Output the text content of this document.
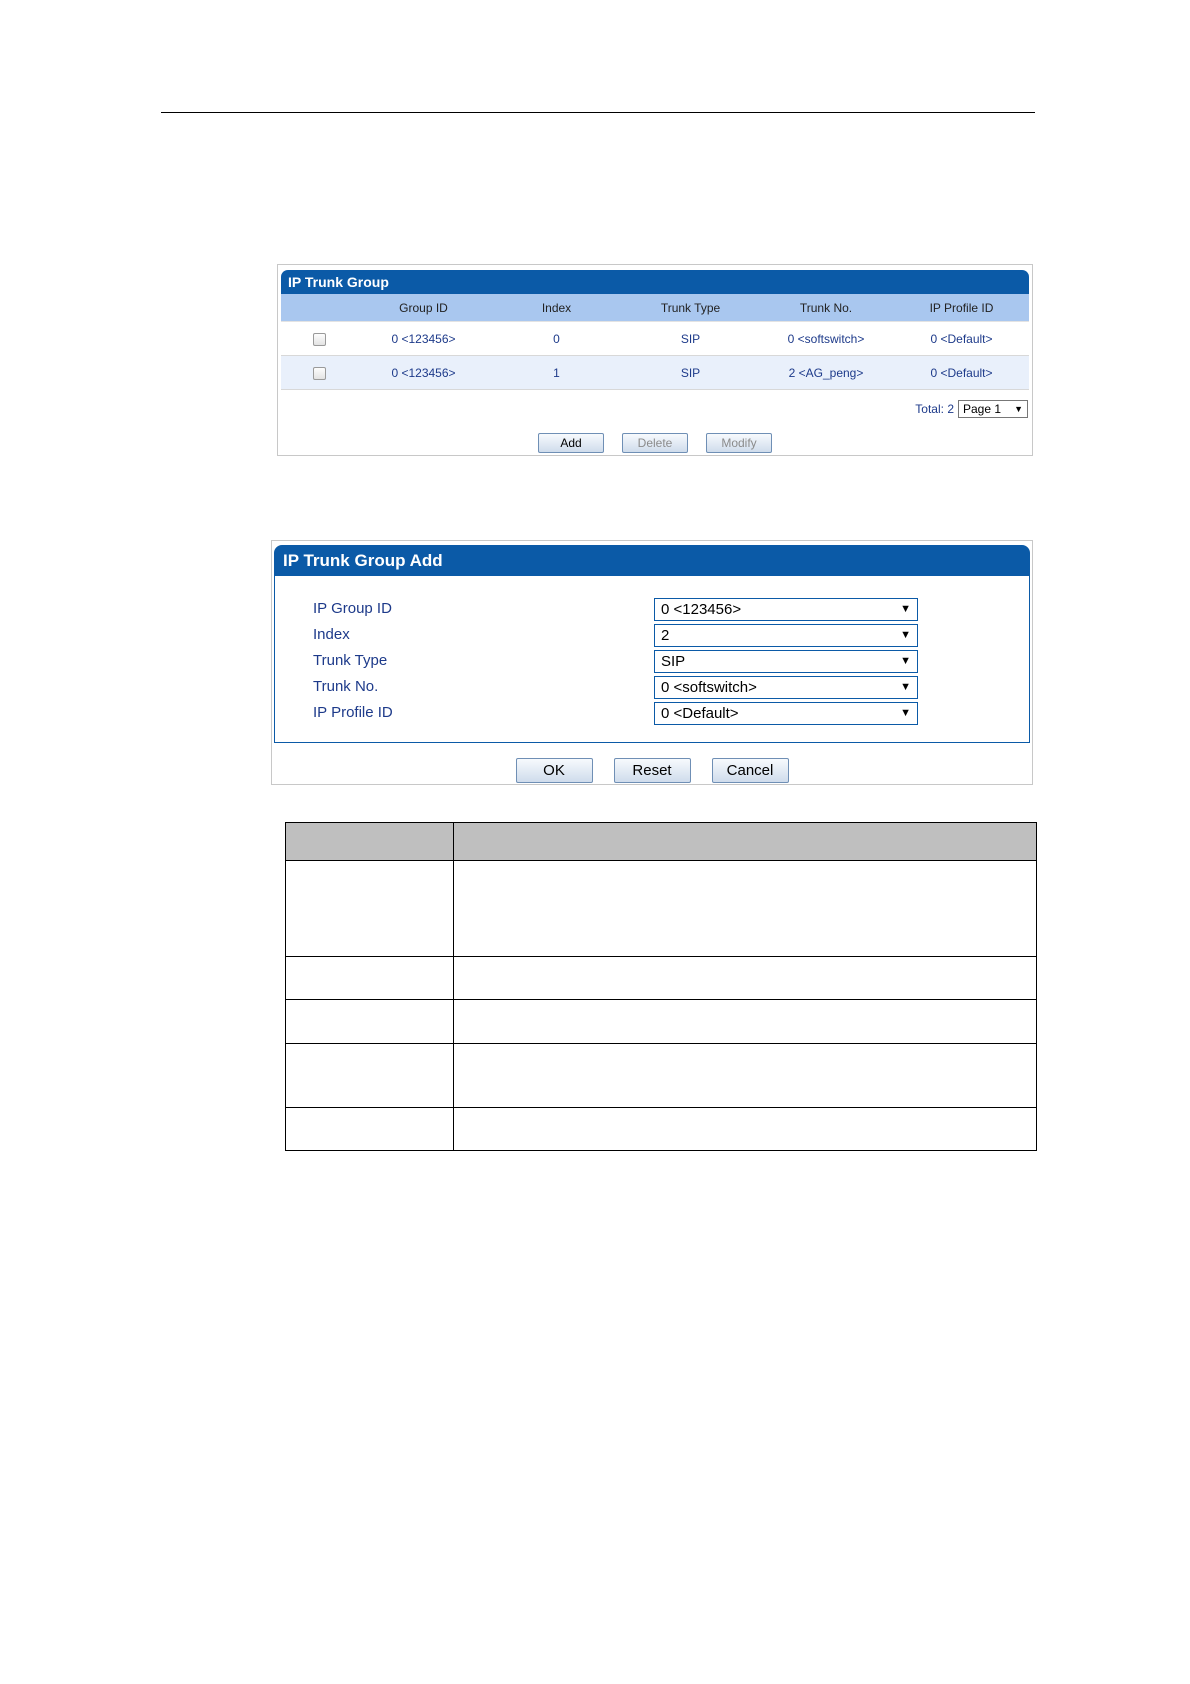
IP Trunk Group
	Group ID	Index	Trunk Type	Trunk No.	IP Profile ID
	0 <123456>	0	SIP	0 <softswitch>	0 <Default>
	0 <123456>	1	SIP	2 <AG_peng>	0 <Default>
Total: 2 Page 1 ▼
Add	Delete	Modify
IP Trunk Group Add
IP Group ID	0 <123456>	▼
Index	2	▼
Trunk Type	SIP	▼
Trunk No.	0 <softswitch>	▼
IP Profile ID	0 <Default>	▼
OK	Reset	Cancel
